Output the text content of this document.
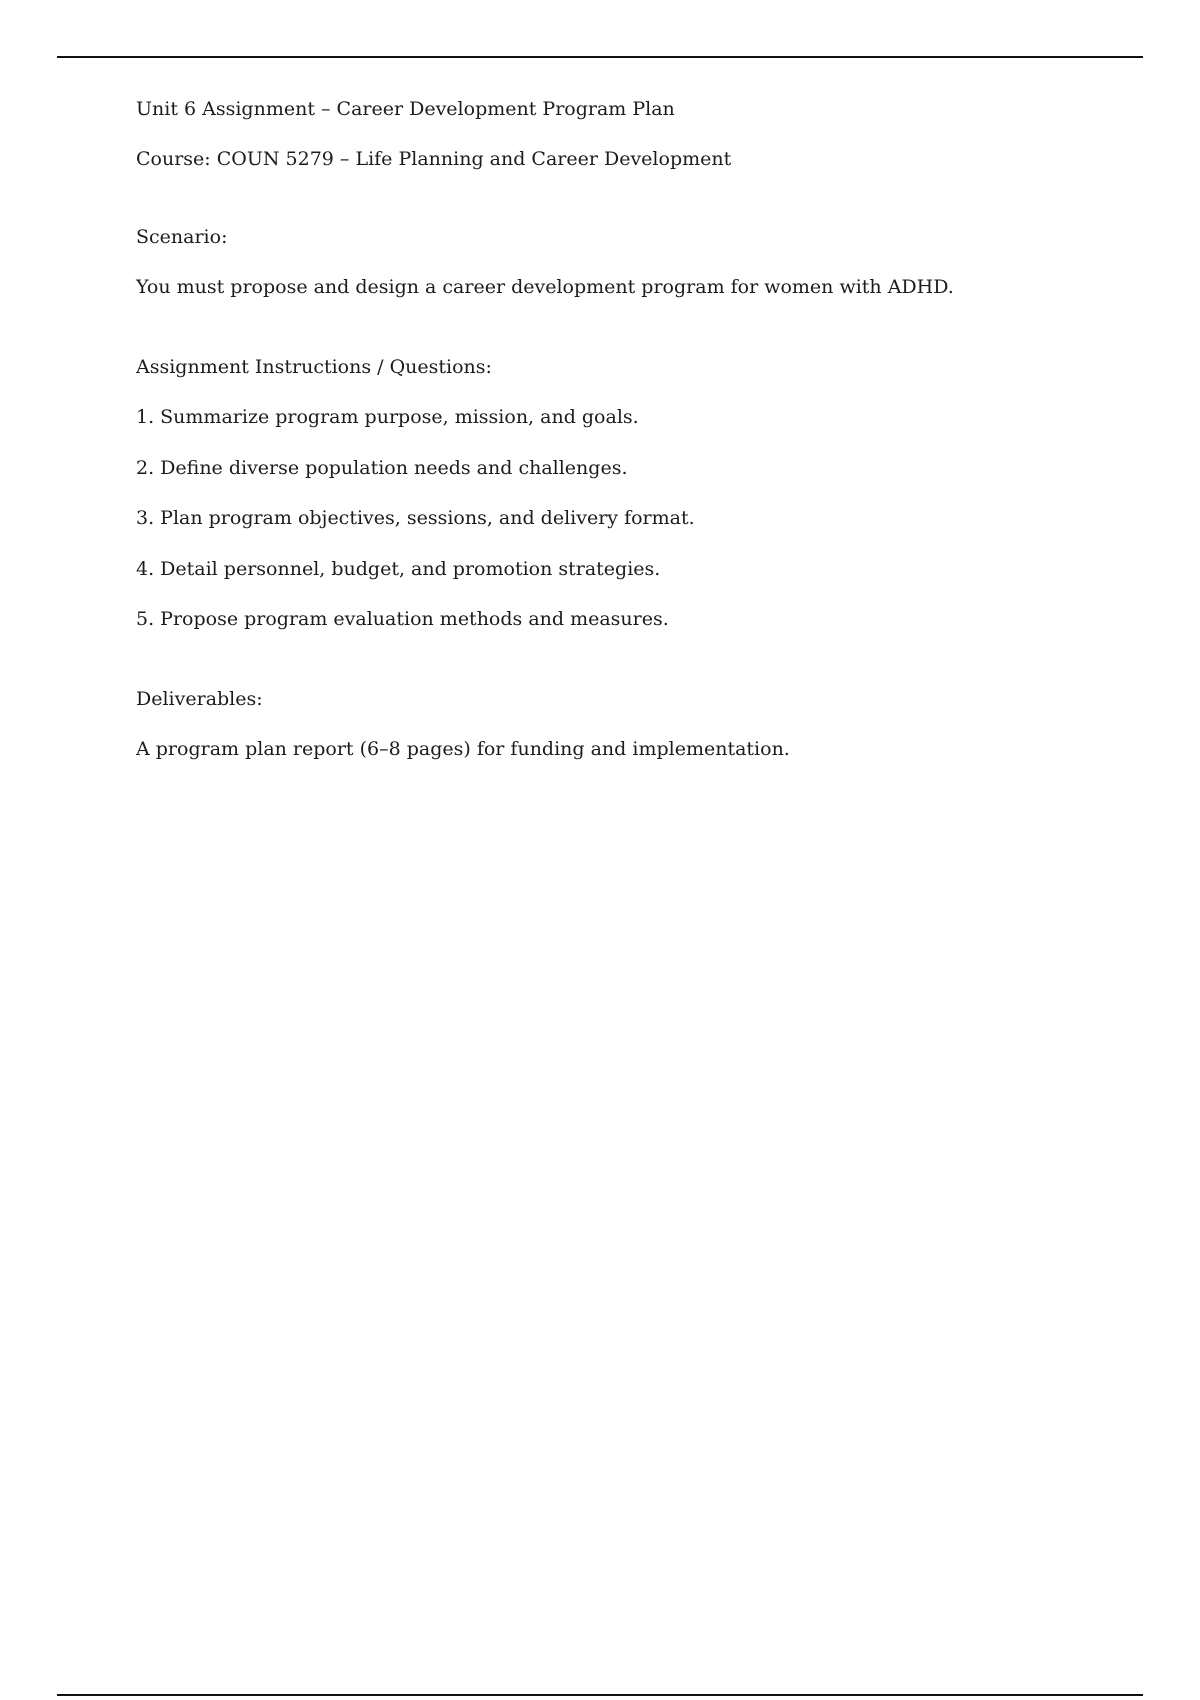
Unit 6 Assignment – Career Development Program Plan

Course: COUN 5279 – Life Planning and Career Development

Scenario:

You must propose and design a career development program for women with ADHD.

Assignment Instructions / Questions:

1. Summarize program purpose, mission, and goals.
2. Define diverse population needs and challenges.
3. Plan program objectives, sessions, and delivery format.
4. Detail personnel, budget, and promotion strategies.
5. Propose program evaluation methods and measures.

Deliverables:

A program plan report (6–8 pages) for funding and implementation.
